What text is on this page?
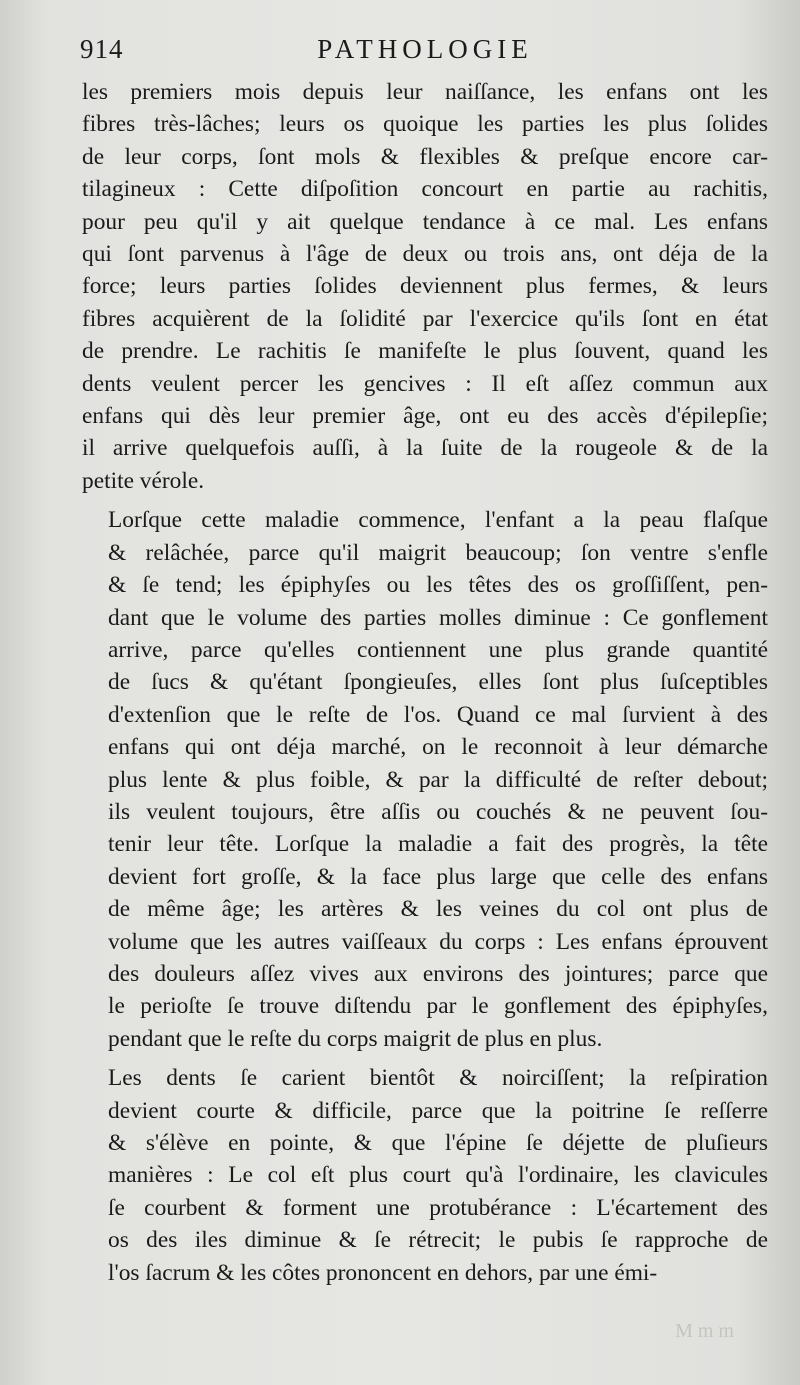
914	PATHOLOGIE
les premiers mois depuis leur naiſſance, les enfans ont les
fibres très-lâches; leurs os quoique les parties les plus ſolides
de leur corps, ſont mols & flexibles & preſque encore car-
tilagineux : Cette diſpoſition concourt en partie au rachitis,
pour peu qu'il y ait quelque tendance à ce mal. Les enfans
qui ſont parvenus à l'âge de deux ou trois ans, ont déja de la
force; leurs parties ſolides deviennent plus fermes, & leurs
fibres acquièrent de la ſolidité par l'exercice qu'ils ſont en état
de prendre. Le rachitis ſe manifeſte le plus ſouvent, quand les
dents veulent percer les gencives : Il eſt aſſez commun aux
enfans qui dès leur premier âge, ont eu des accès d'épilepſie;
il arrive quelquefois auſſi, à la ſuite de la rougeole & de la
petite vérole.
Lorſque cette maladie commence, l'enfant a la peau flaſque
& relâchée, parce qu'il maigrit beaucoup; ſon ventre s'enfle
& ſe tend; les épiphyſes ou les têtes des os groſſiſſent, pen-
dant que le volume des parties molles diminue : Ce gonflement
arrive, parce qu'elles contiennent une plus grande quantité
de ſucs & qu'étant ſpongieuſes, elles ſont plus ſuſceptibles
d'extenſion que le reſte de l'os. Quand ce mal ſurvient à des
enfans qui ont déja marché, on le reconnoit à leur démarche
plus lente & plus foible, & par la difficulté de reſter debout;
ils veulent toujours, être aſſis ou couchés & ne peuvent ſou-
tenir leur tête. Lorſque la maladie a fait des progrès, la tête
devient fort groſſe, & la face plus large que celle des enfans
de même âge; les artères & les veines du col ont plus de
volume que les autres vaiſſeaux du corps : Les enfans éprouvent
des douleurs aſſez vives aux environs des jointures; parce que
le perioſte ſe trouve diſtendu par le gonflement des épiphyſes,
pendant que le reſte du corps maigrit de plus en plus.
Les dents ſe carient bientôt & noirciſſent; la reſpiration
devient courte & difficile, parce que la poitrine ſe reſſerre
& s'élève en pointe, & que l'épine ſe déjette de pluſieurs
manières : Le col eſt plus court qu'à l'ordinaire, les clavicules
ſe courbent & forment une protubérance : L'écartement des
os des iles diminue & ſe rétrecit; le pubis ſe rapproche de
l'os ſacrum & les côtes prononcent en dehors, par une émi-
M m m
